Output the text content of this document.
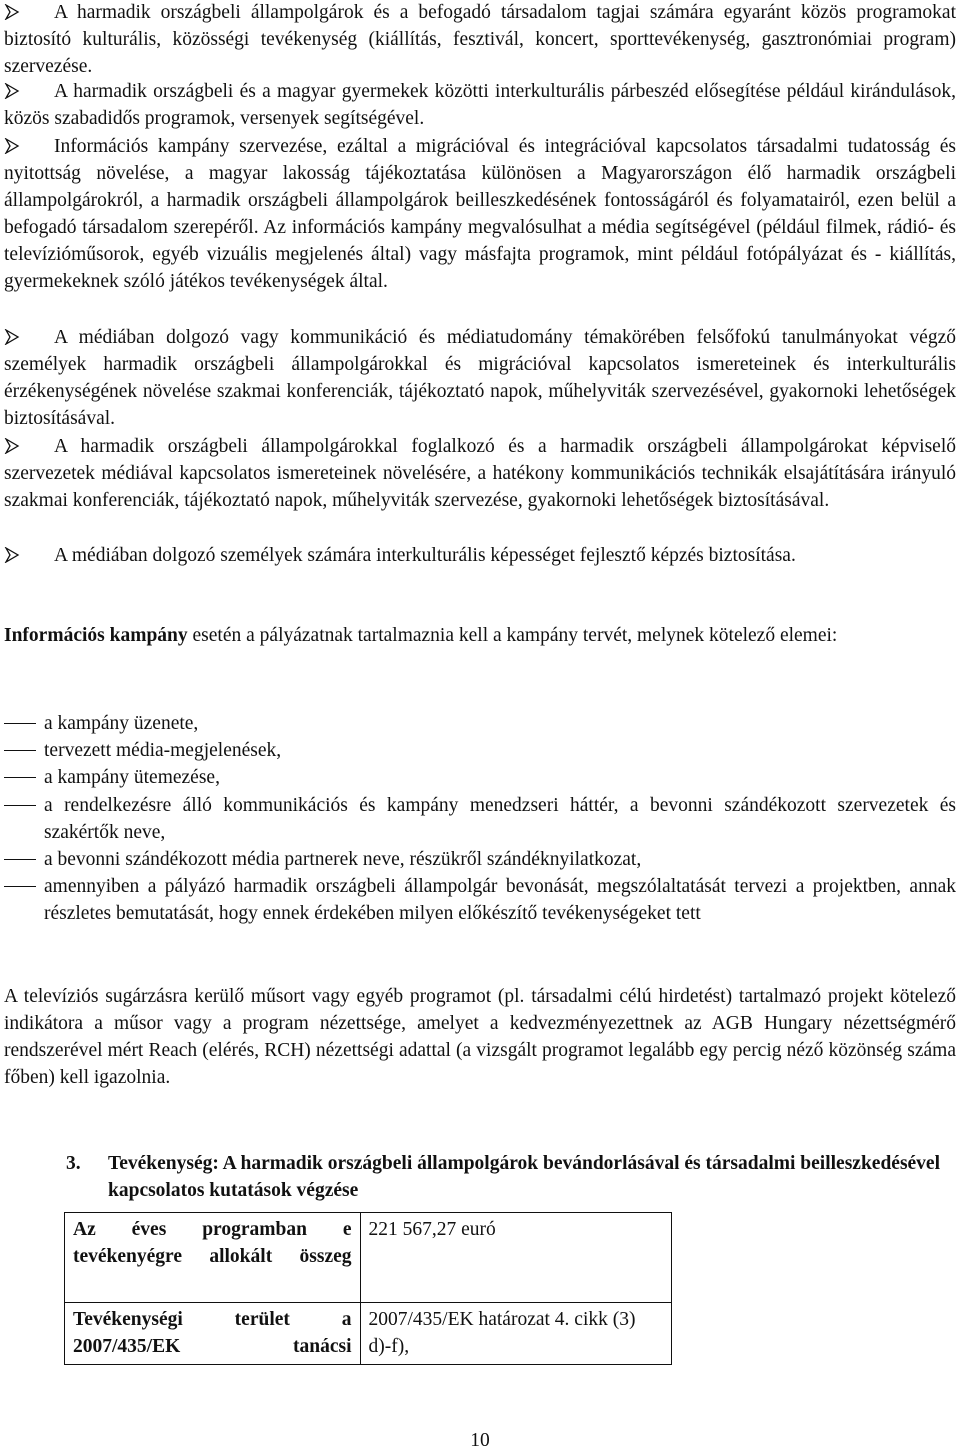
A harmadik országbeli állampolgárok és a befogadó társadalom tagjai számára egyaránt közös programokat biztosító kulturális, közösségi tevékenység (kiállítás, fesztivál, koncert, sporttevékenység, gasztronómiai program) szervezése.

A harmadik országbeli és a magyar gyermekek közötti interkulturális párbeszéd elősegítése például kirándulások, közös szabadidős programok, versenyek segítségével.

Információs kampány szervezése, ezáltal a migrációval és integrációval kapcsolatos társadalmi tudatosság és nyitottság növelése, a magyar lakosság tájékoztatása különösen a Magyarországon élő harmadik országbeli állampolgárokról, a harmadik országbeli állampolgárok beilleszkedésének fontosságáról és folyamatairól, ezen belül a befogadó társadalom szerepéről. Az információs kampány megvalósulhat a média segítségével (például filmek, rádió- és televízióműsorok, egyéb vizuális megjelenés által) vagy másfajta programok, mint például fotópályázat és - kiállítás, gyermekeknek szóló játékos tevékenységek által.

A médiában dolgozó vagy kommunikáció és médiatudomány témakörében felsőfokú tanulmányokat végző személyek harmadik országbeli állampolgárokkal és migrációval kapcsolatos ismereteinek és interkulturális érzékenységének növelése szakmai konferenciák, tájékoztató napok, műhelyviták szervezésével, gyakornoki lehetőségek biztosításával.

A harmadik országbeli állampolgárokkal foglalkozó és a harmadik országbeli állampolgárokat képviselő szervezetek médiával kapcsolatos ismereteinek növelésére, a hatékony kommunikációs technikák elsajátítására irányuló szakmai konferenciák, tájékoztató napok, műhelyviták szervezése, gyakornoki lehetőségek biztosításával.

A médiában dolgozó személyek számára interkulturális képességet fejlesztő képzés biztosítása.

Információs kampány esetén a pályázatnak tartalmaznia kell a kampány tervét, melynek kötelező elemei:

a kampány üzenete,
tervezett média-megjelenések,
a kampány ütemezése,
a rendelkezésre álló kommunikációs és kampány menedzseri háttér, a bevonni szándékozott szervezetek és szakértők neve,
a bevonni szándékozott média partnerek neve, részükről szándéknyilatkozat,
amennyiben a pályázó harmadik országbeli állampolgár bevonását, megszólaltatását tervezi a projektben, annak részletes bemutatását, hogy ennek érdekében milyen előkészítő tevékenységeket tett

A televíziós sugárzásra kerülő műsort vagy egyéb programot (pl. társadalmi célú hirdetést) tartalmazó projekt kötelező indikátora a műsor vagy a program nézettsége, amelyet a kedvezményezettnek az AGB Hungary nézettségmérő rendszerével mért Reach (elérés, RCH) nézettségi adattal (a vizsgált programot legalább egy percig néző közönség száma főben) kell igazolnia.

3. Tevékenység: A harmadik országbeli állampolgárok bevándorlásával és társadalmi beilleszkedésével kapcsolatos kutatások végzése
Az éves programban e tevékenyégre allokált összeg	221 567,27 euró
Tevékenységi terület a 2007/435/EK tanácsi	2007/435/EK határozat 4. cikk (3) d)-f),
10
